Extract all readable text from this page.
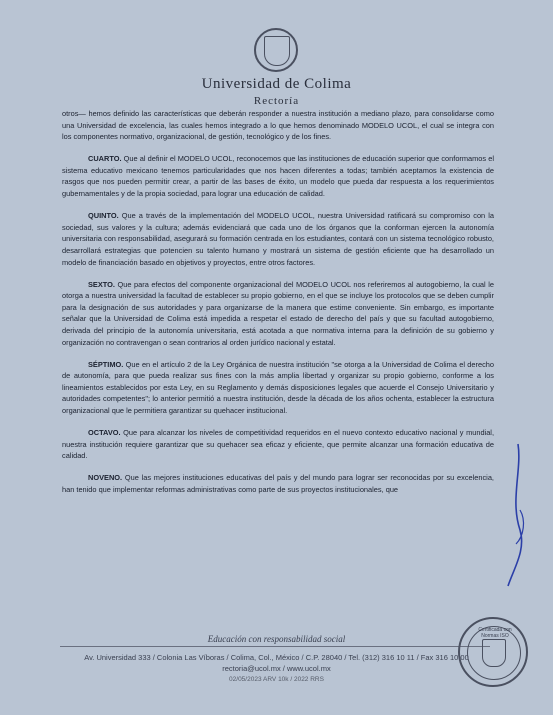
Universidad de Colima
Rectoría

otros— hemos definido las características que deberán responder a nuestra institución a mediano plazo, para consolidarse como una Universidad de excelencia, las cuales hemos integrado a lo que hemos denominado MODELO UCOL, el cual se integra con los componentes normativo, organizacional, de gestión, tecnológico y de los fines.

CUARTO. Que al definir el MODELO UCOL, reconocemos que las instituciones de educación superior que conformamos el sistema educativo mexicano tenemos particularidades que nos hacen diferentes a todas; también aceptamos la existencia de rasgos que nos pueden permitir crear, a partir de las bases de éxito, un modelo que pueda dar respuesta a los requerimientos gubernamentales y de la propia sociedad, para lograr una educación de calidad.

QUINTO. Que a través de la implementación del MODELO UCOL, nuestra Universidad ratificará su compromiso con la sociedad, sus valores y la cultura; además evidenciará que cada uno de los órganos que la conforman ejercen la autonomía universitaria con responsabilidad, asegurará su formación centrada en los estudiantes, contará con un sistema tecnológico robusto, desarrollará estrategias que potencien su talento humano y mostrará un sistema de gestión eficiente que ha desarrollado un modelo de financiación basado en objetivos y proyectos, entre otros factores.

SEXTO. Que para efectos del componente organizacional del MODELO UCOL nos referiremos al autogobierno, la cual le otorga a nuestra universidad la facultad de establecer su propio gobierno, en el que se incluye los protocolos que se deben cumplir para la designación de sus autoridades y para organizarse de la manera que estime conveniente. Sin embargo, es importante señalar que la Universidad de Colima está impedida a respetar el estado de derecho del país y que su facultad autogobierno, derivada del principio de la autonomía universitaria, está acotada a que normativa interna para la definición de su gobierno y organización no contravengan o sean contrarios al orden jurídico nacional y estatal.

SÉPTIMO. Que en el artículo 2 de la Ley Orgánica de nuestra institución "se otorga a la Universidad de Colima el derecho de autonomía, para que pueda realizar sus fines con la más amplia libertad y organizar su propio gobierno, conforme a los lineamientos establecidos por esta Ley, en su Reglamento y demás disposiciones legales que acuerde el Consejo Universitario y autoridades competentes"; lo anterior permitió a nuestra institución, desde la década de los años ochenta, establecer la estructura organizacional que le permitiera garantizar su quehacer institucional.

OCTAVO. Que para alcanzar los niveles de competitividad requeridos en el nuevo contexto educativo nacional y mundial, nuestra institución requiere garantizar que su quehacer sea eficaz y eficiente, que permite alcanzar una formación educativa de calidad.

NOVENO. Que las mejores instituciones educativas del país y del mundo para lograr ser reconocidas por su excelencia, han tenido que implementar reformas administrativas como parte de sus proyectos institucionales, que

Educación con responsabilidad social
Av. Universidad 333 / Colonia Las Víboras / Colima, Col., México / C.P. 28040 / Tel. (312) 316 10 11 / Fax 316 10 00
rectoria@ucol.mx / www.ucol.mx
02/05/2023 ARV 10k / 2022 RRS
Certificada con Normas ISO
